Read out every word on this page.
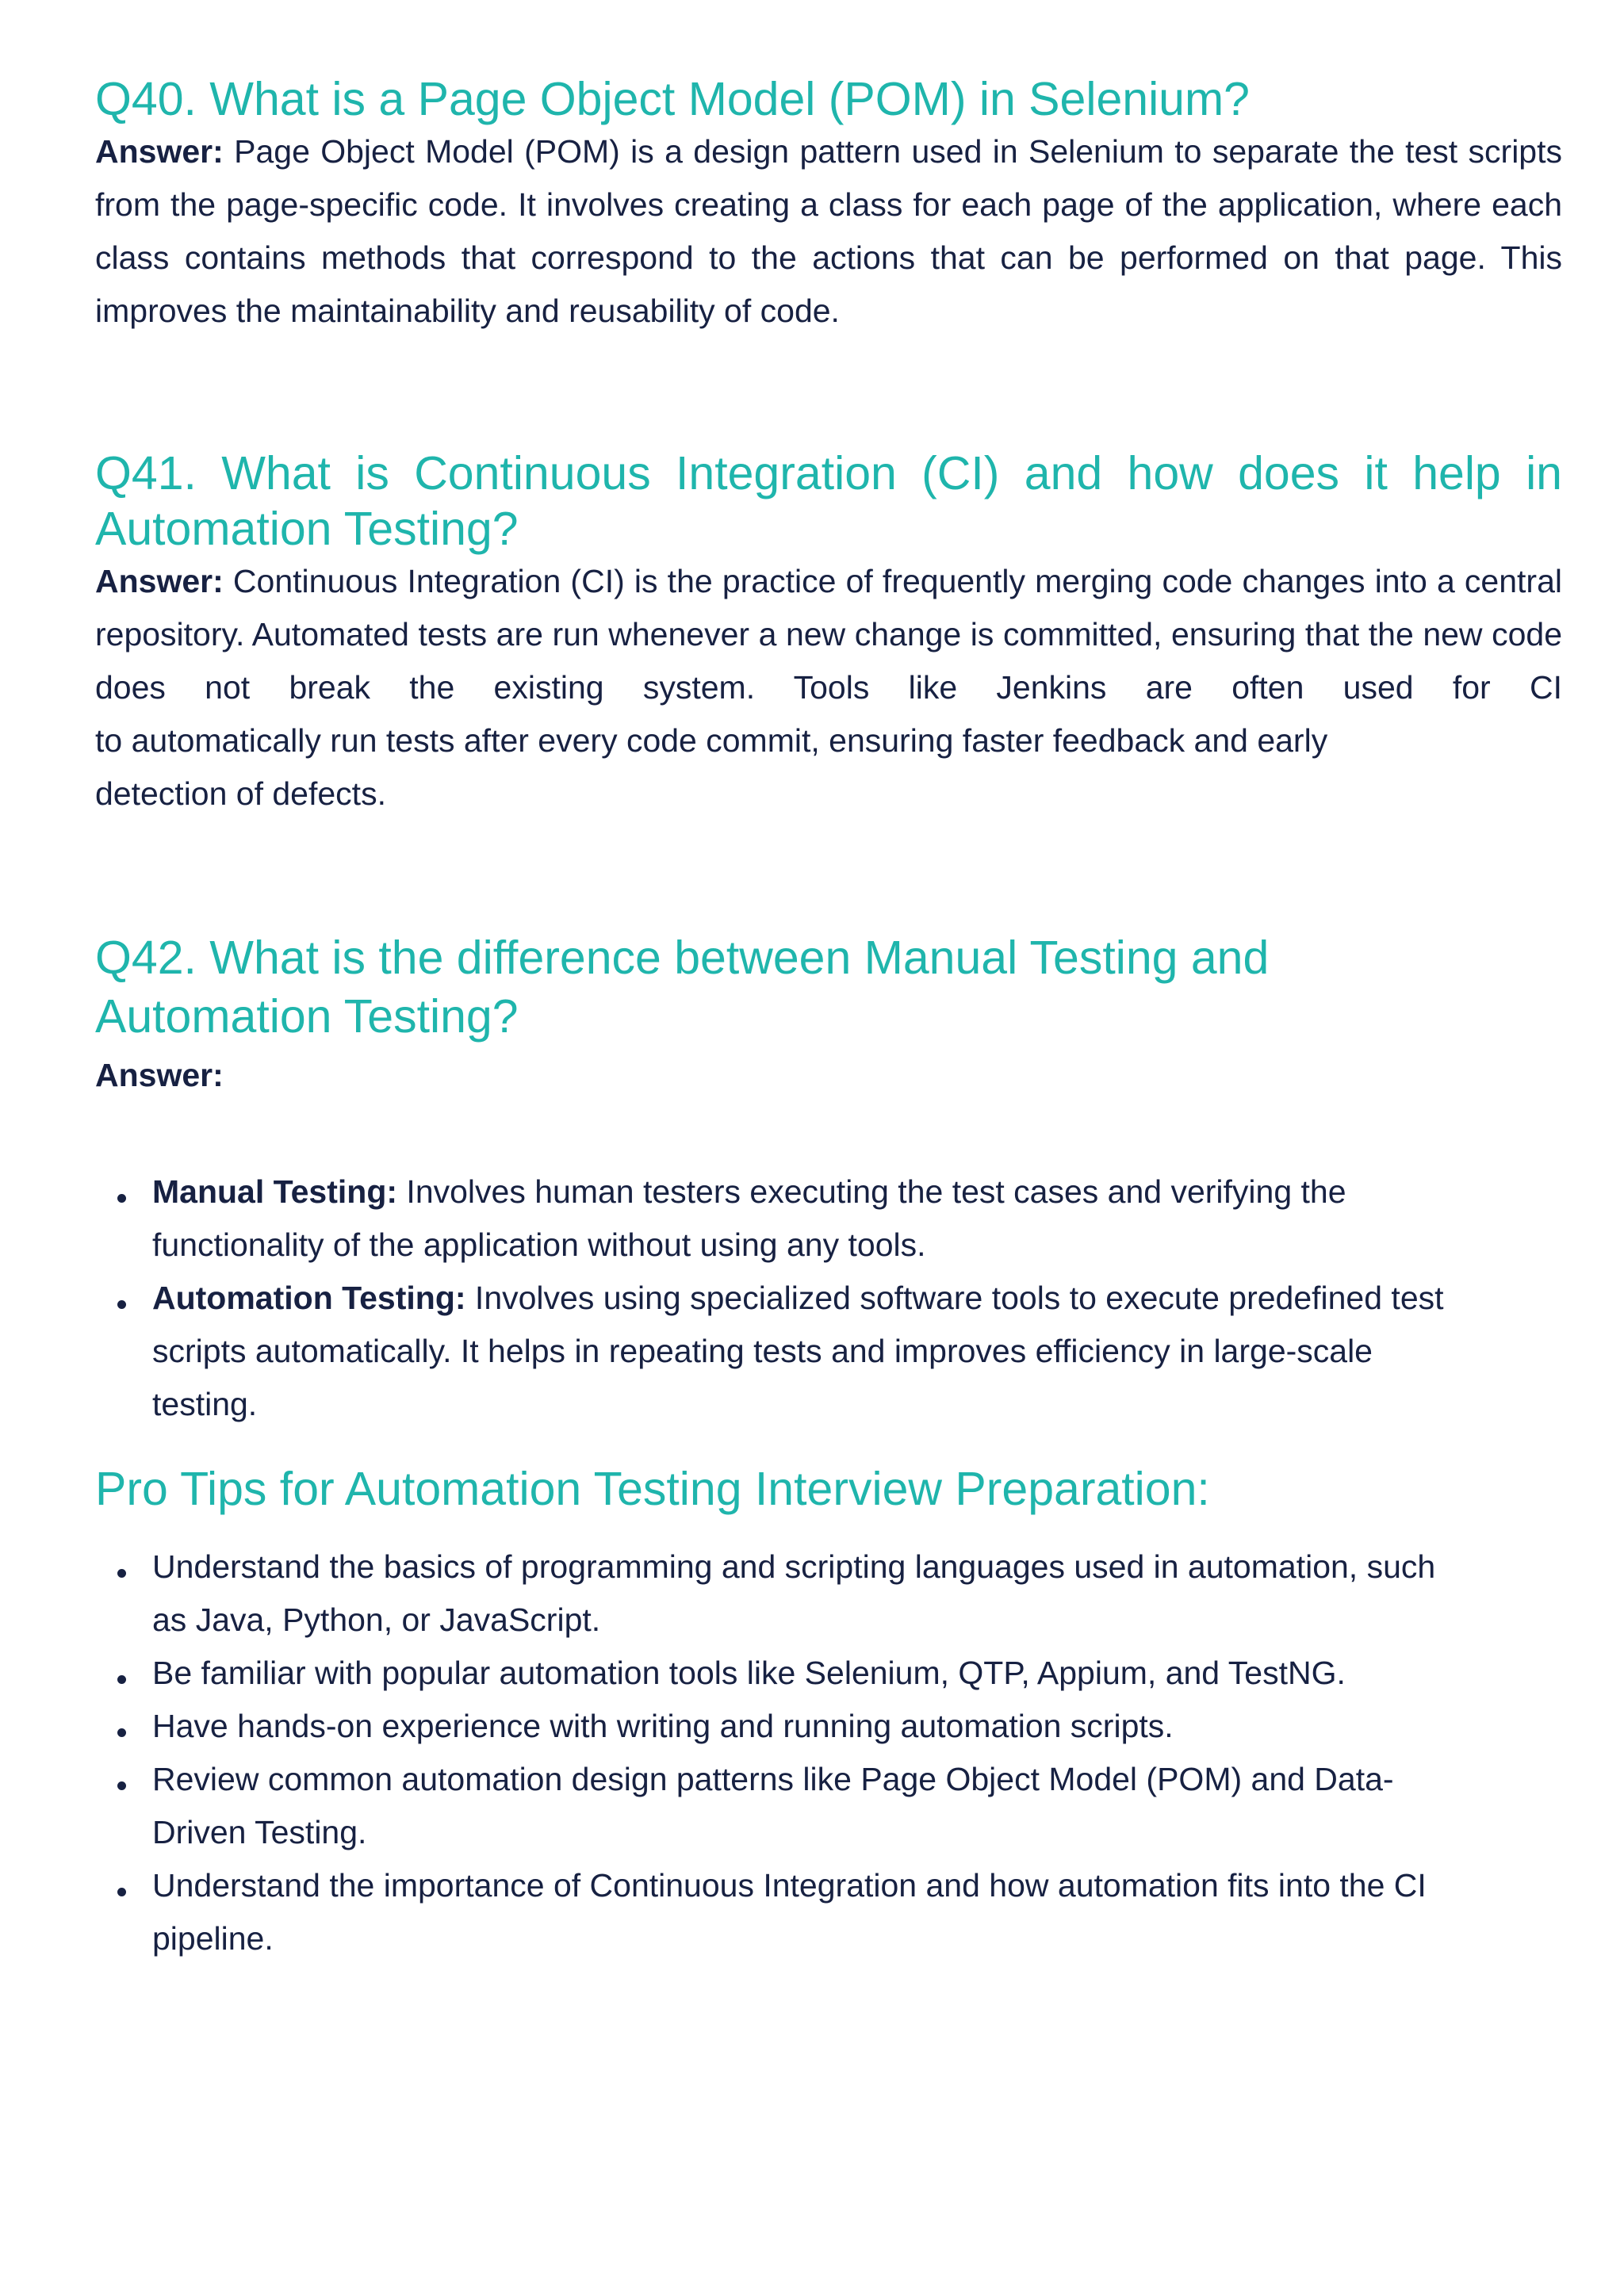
Q40. What is a Page Object Model (POM) in Selenium?

Answer: Page Object Model (POM) is a design pattern used in Selenium to separate the test scripts from the page-specific code. It involves creating a class for each page of the application, where each class contains methods that correspond to the actions that can be performed on that page. This improves the maintainability and reusability of code.

Q41. What is Continuous Integration (CI) and how does it help in Automation Testing?

Answer: Continuous Integration (CI) is the practice of frequently merging code changes into a central repository. Automated tests are run whenever a new change is committed, ensuring that the new code does not break the existing system. Tools like Jenkins are often used for CI

to automatically run tests after every code commit, ensuring faster feedback and early

detection of defects.

Q42. What is the difference between Manual Testing and
Automation Testing?

Answer:

Manual Testing: Involves human testers executing the test cases and verifying the
functionality of the application without using any tools.
Automation Testing: Involves using specialized software tools to execute predefined test
scripts automatically. It helps in repeating tests and improves efficiency in large-scale
testing.
Pro Tips for Automation Testing Interview Preparation:
Understand the basics of programming and scripting languages used in automation, such
as Java, Python, or JavaScript.
Be familiar with popular automation tools like Selenium, QTP, Appium, and TestNG.
Have hands-on experience with writing and running automation scripts.
Review common automation design patterns like Page Object Model (POM) and Data-
Driven Testing.
Understand the importance of Continuous Integration and how automation fits into the CI
pipeline.
